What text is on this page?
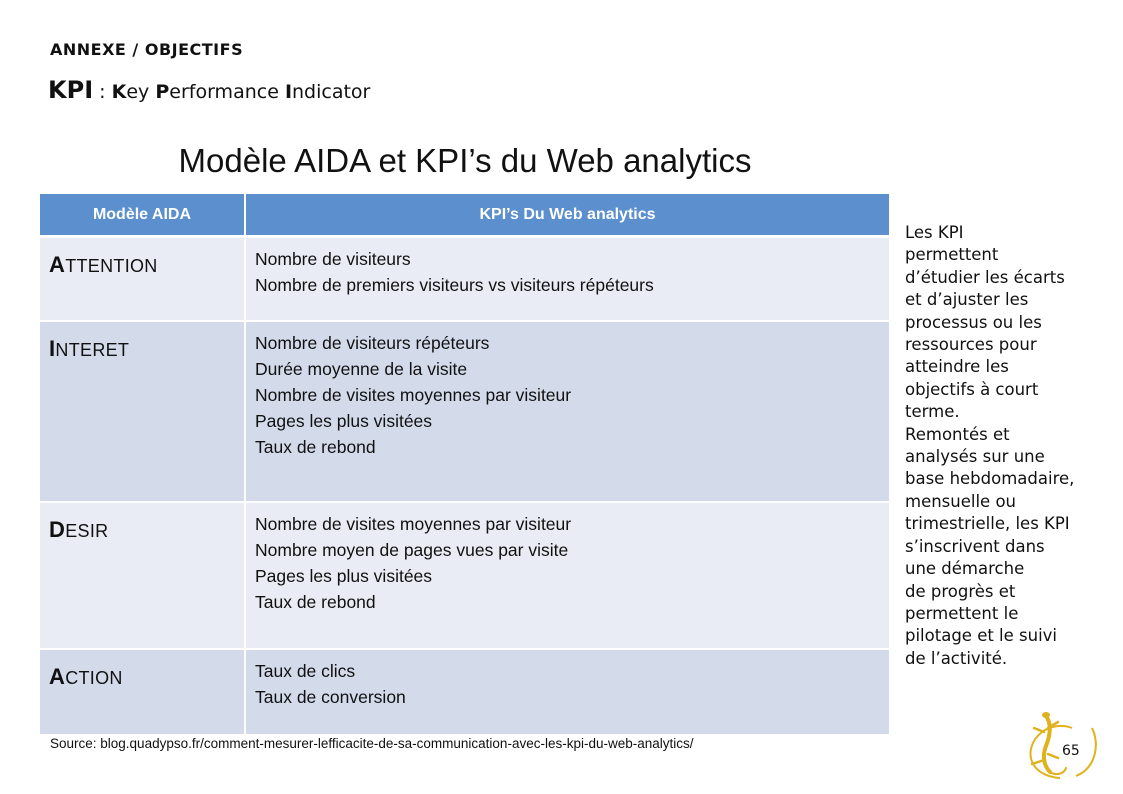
ANNEXE / OBJECTIFS
KPI : Key Performance Indicator
Modèle AIDA et KPI’s du Web analytics
Modèle AIDA	KPI’s Du Web analytics
ATTENTION	Nombre de visiteurs
Nombre de premiers visiteurs vs visiteurs répéteurs

INTERET	Nombre de visiteurs répéteurs
Durée moyenne de la visite
Nombre de visites moyennes par visiteur
Pages les plus visitées
Taux de rebond

DESIR	Nombre de visites moyennes par visiteur
Nombre moyen de pages vues par visite
Pages les plus visitées
Taux de rebond

ACTION	Taux de clics
Taux de conversion
Les KPI
permettent
d’étudier les écarts
et d’ajuster les
processus ou les
ressources pour
atteindre les
objectifs à court
terme.
Remontés et
analysés sur une
base hebdomadaire,
mensuelle ou
trimestrielle, les KPI
s’inscrivent dans
une démarche
de progrès et
permettent le
pilotage et le suivi
de l’activité.
Source: blog.quadypso.fr/comment-mesurer-lefficacite-de-sa-communication-avec-les-kpi-du-web-analytics/	65
